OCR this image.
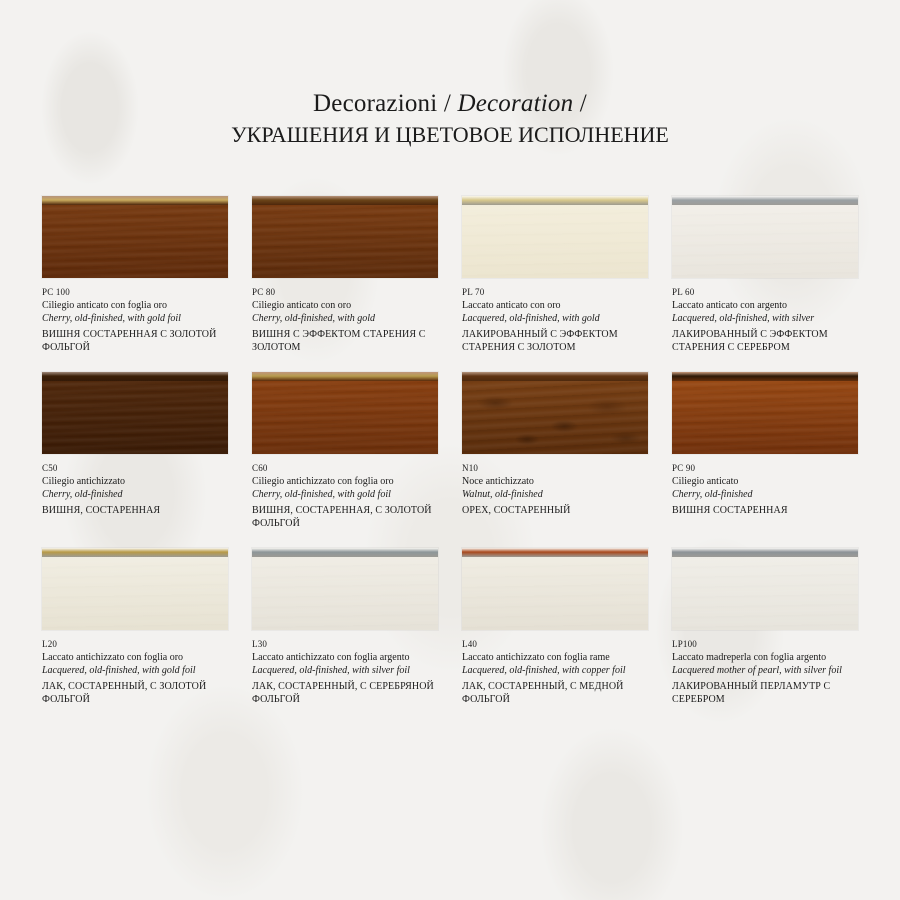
Decorazioni / Decoration /
УКРАШЕНИЯ И ЦВЕТОВОЕ ИСПОЛНЕНИЕ
PC 100
Ciliegio anticato con foglia oro
Cherry, old-finished, with gold foil
ВИШНЯ СОСТАРЕННАЯ С ЗОЛОТОЙ ФОЛЬГОЙ
PC 80
Ciliegio anticato con oro
Cherry, old-finished, with gold
ВИШНЯ С ЭФФЕКТОМ СТАРЕНИЯ С ЗОЛОТОМ
PL 70
Laccato anticato con oro
Lacquered, old-finished, with gold
ЛАКИРОВАННЫЙ С ЭФФЕКТОМ СТАРЕНИЯ С ЗОЛОТОМ
PL 60
Laccato anticato con argento
Lacquered, old-finished, with silver
ЛАКИРОВАННЫЙ С ЭФФЕКТОМ СТАРЕНИЯ С СЕРЕБРОМ
C50
Ciliegio antichizzato
Cherry, old-finished
ВИШНЯ, СОСТАРЕННАЯ
C60
Ciliegio antichizzato con foglia oro
Cherry, old-finished, with gold foil
ВИШНЯ, СОСТАРЕННАЯ, С ЗОЛОТОЙ ФОЛЬГОЙ
N10
Noce antichizzato
Walnut, old-finished
ОРЕХ, СОСТАРЕННЫЙ
PC 90
Ciliegio anticato
Cherry, old-finished
ВИШНЯ СОСТАРЕННАЯ
L20
Laccato antichizzato con foglia oro
Lacquered, old-finished, with gold foil
ЛАК, СОСТАРЕННЫЙ, С ЗОЛОТОЙ ФОЛЬГОЙ
L30
Laccato antichizzato con foglia argento
Lacquered, old-finished, with silver foil
ЛАК, СОСТАРЕННЫЙ, С СЕРЕБРЯНОЙ ФОЛЬГОЙ
L40
Laccato antichizzato con foglia rame
Lacquered, old-finished, with copper foil
ЛАК, СОСТАРЕННЫЙ, С МЕДНОЙ ФОЛЬГОЙ
LP100
Laccato madreperla con foglia argento
Lacquered mother of pearl, with silver foil
ЛАКИРОВАННЫЙ ПЕРЛАМУТР С СЕРЕБРОМ
